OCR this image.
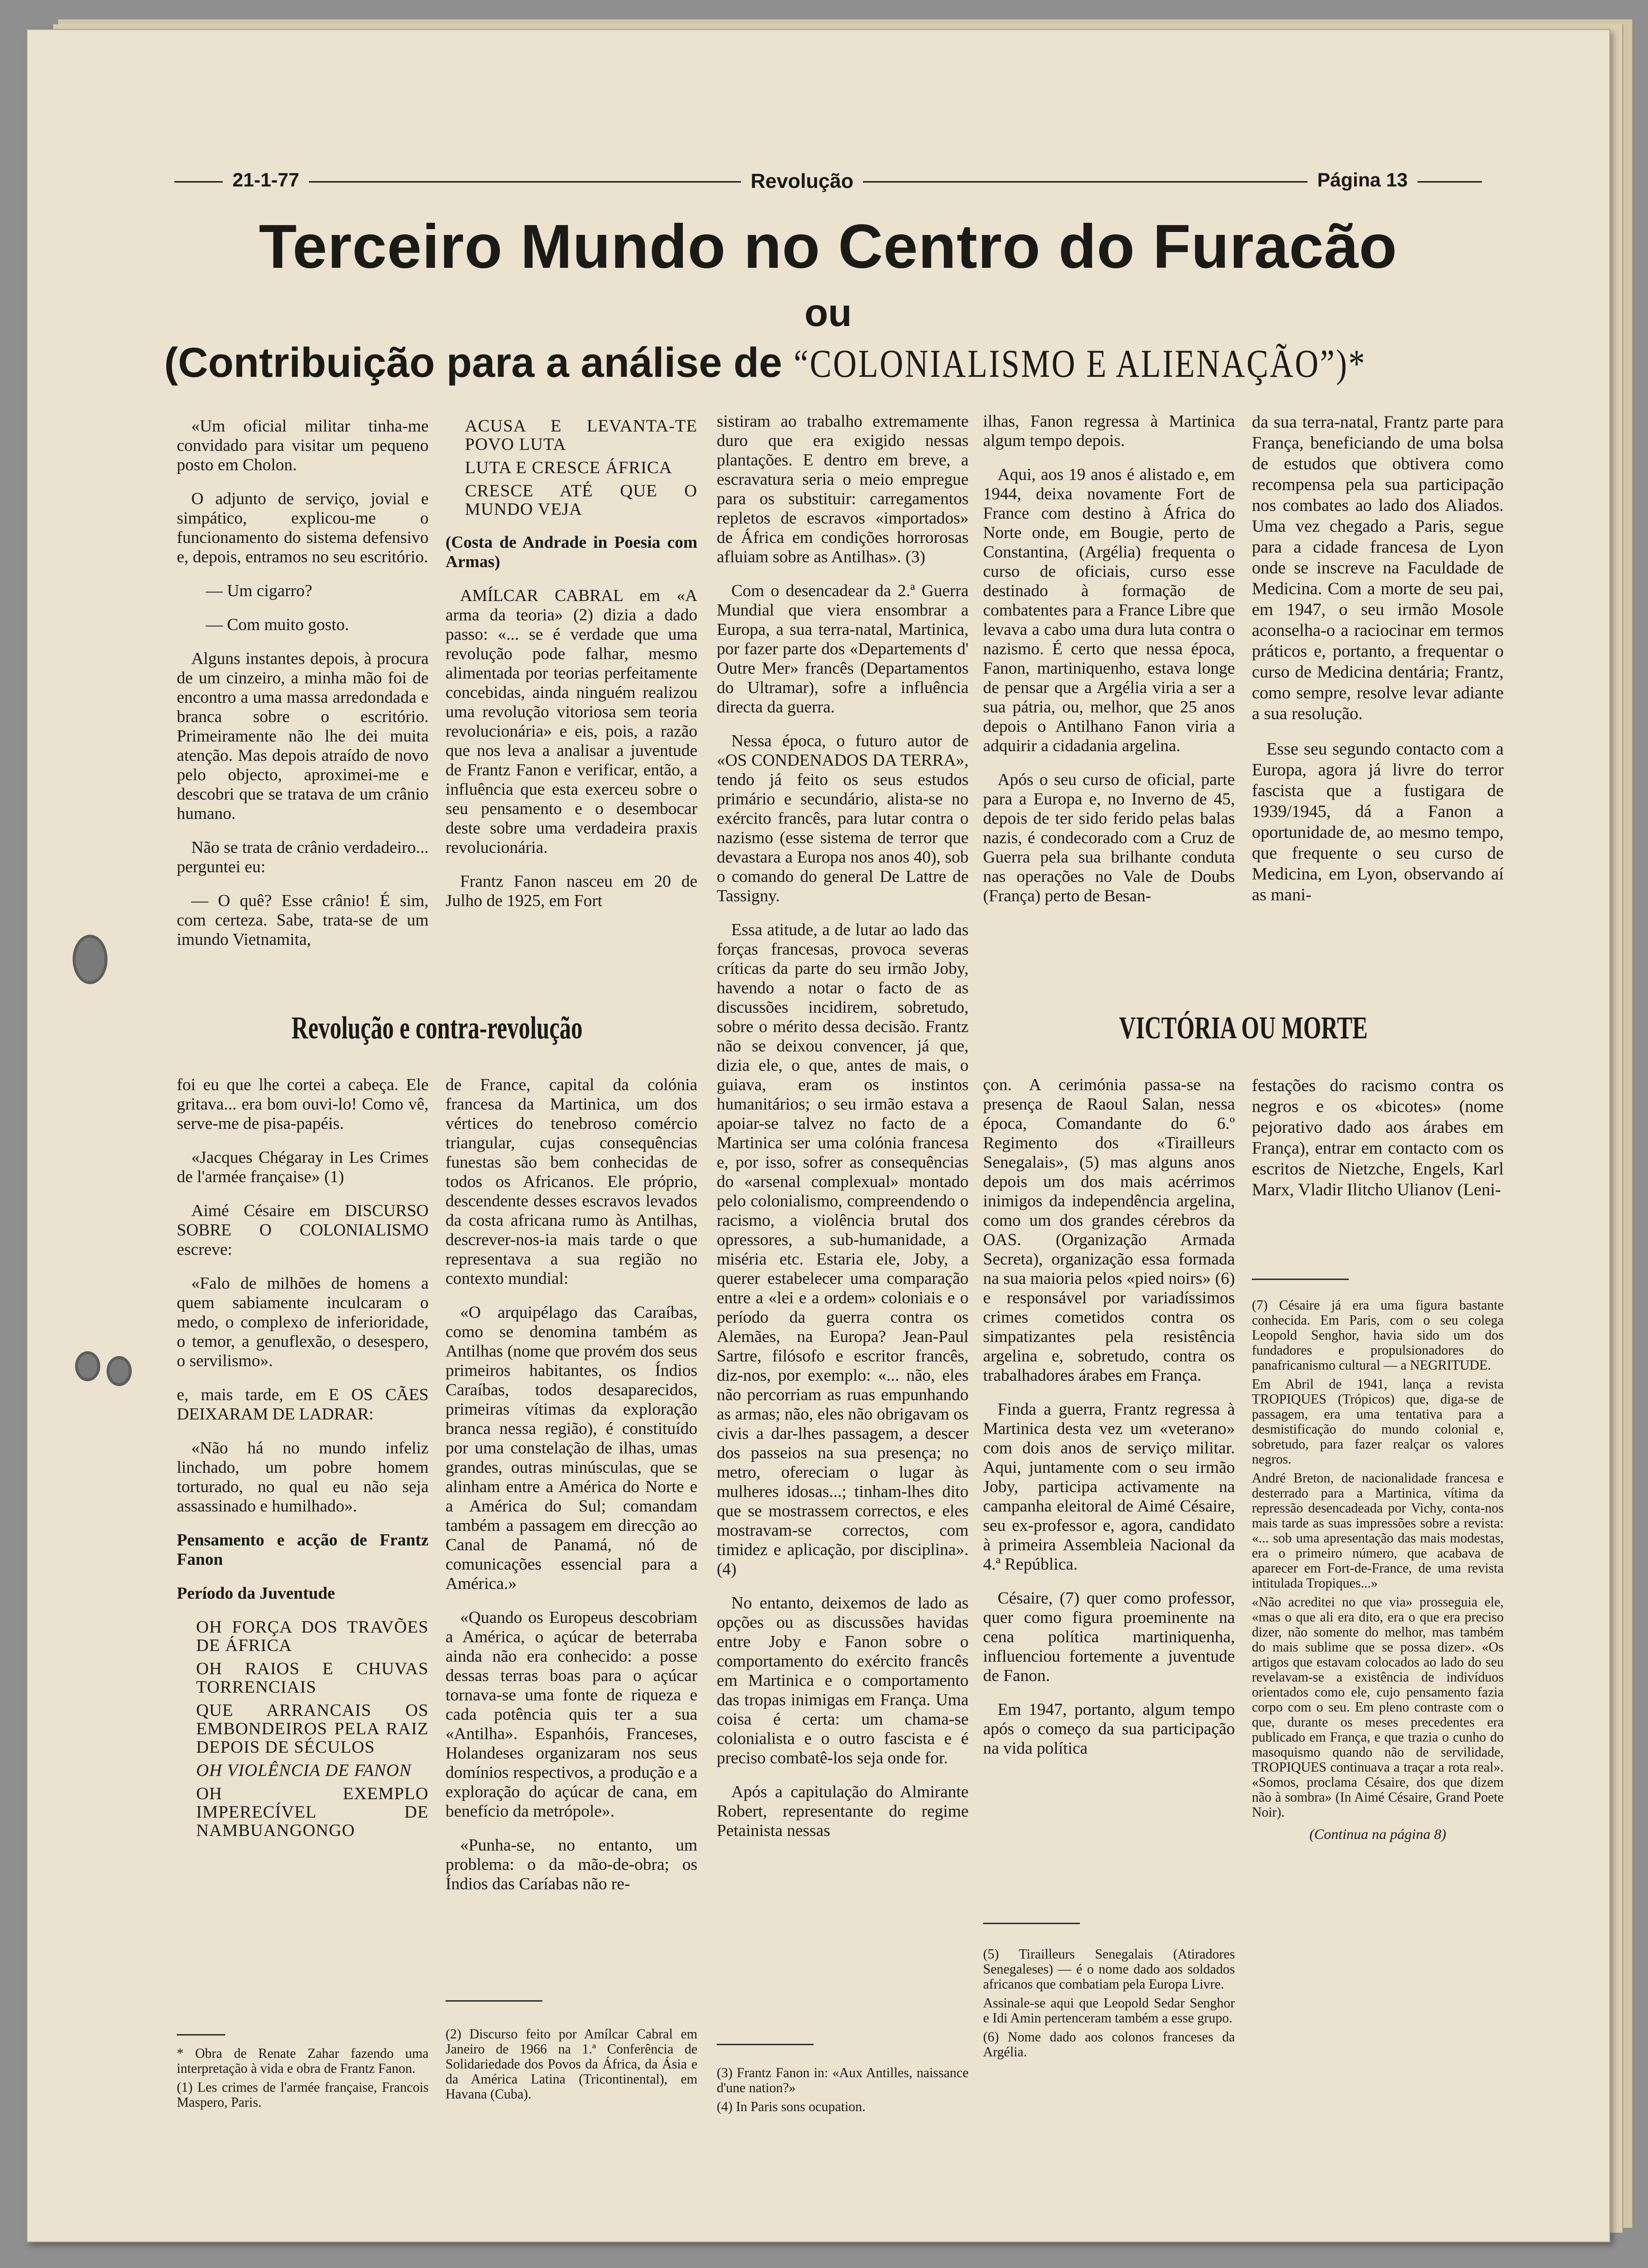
21-1-77	Revolução	Página 13
Terceiro Mundo no Centro do Furacão
ou
(Contribuição para a análise de “COLONIALISMO E ALIENAÇÃO”)*

«Um oficial militar tinha-me convidado para visitar um pequeno posto em Cholon.

O adjunto de serviço, jovial e simpático, explicou-me o funcionamento do sistema defensivo e, depois, entramos no seu escritório.

— Um cigarro?

— Com muito gosto.

Alguns instantes depois, à procura de um cinzeiro, a minha mão foi de encontro a uma massa arredondada e branca sobre o escritório. Primeiramente não lhe dei muita atenção. Mas depois atraído de novo pelo objecto, aproximei-me e descobri que se tratava de um crânio humano.

Não se trata de crânio verdadeiro... perguntei eu:

— O quê? Esse crânio! É sim, com certeza. Sabe, trata-se de um imundo Vietnamita,

ACUSA E LEVANTA-TE POVO LUTA

LUTA E CRESCE ÁFRICA

CRESCE ATÉ QUE O MUNDO VEJA

(Costa de Andrade in Poesia com Armas)

AMÍLCAR CABRAL em «A arma da teoria» (2) dizia a dado passo: «... se é verdade que uma revolução pode falhar, mesmo alimentada por teorias perfeitamente concebidas, ainda ninguém realizou uma revolução vitoriosa sem teoria revolucionária» e eis, pois, a razão que nos leva a analisar a juventude de Frantz Fanon e verificar, então, a influência que esta exerceu sobre o seu pensamento e o desembocar deste sobre uma verdadeira praxis revolucionária.

Frantz Fanon nasceu em 20 de Julho de 1925, em Fort

sistiram ao trabalho extremamente duro que era exigido nessas plantações. E dentro em breve, a escravatura seria o meio empregue para os substituir: carregamentos repletos de escravos «importados» de África em condições horrorosas afluiam sobre as Antilhas». (3)

Com o desencadear da 2.ª Guerra Mundial que viera ensombrar a Europa, a sua terra-natal, Martinica, por fazer parte dos «Departements d' Outre Mer» francês (Departamentos do Ultramar), sofre a influência directa da guerra.

Nessa época, o futuro autor de «OS CONDENADOS DA TERRA», tendo já feito os seus estudos primário e secundário, alista-se no exército francês, para lutar contra o nazismo (esse sistema de terror que devastara a Europa nos anos 40), sob o comando do general De Lattre de Tassigny.

Essa atitude, a de lutar ao lado das forças francesas, provoca severas críticas da parte do seu irmão Joby, havendo a notar o facto de as discussões incidirem, sobretudo, sobre o mérito dessa decisão. Frantz não se deixou convencer, já que, dizia ele, o que, antes de mais, o guiava, eram os instintos humanitários; o seu irmão estava a apoiar-se talvez no facto de a Martinica ser uma colónia francesa e, por isso, sofrer as consequências do «arsenal complexual» montado pelo colonialismo, compreendendo o racismo, a violência brutal dos opressores, a sub-humanidade, a miséria etc. Estaria ele, Joby, a querer estabelecer uma comparação entre a «lei e a ordem» coloniais e o período da guerra contra os Alemães, na Europa? Jean-Paul Sartre, filósofo e escritor francês, diz-nos, por exemplo: «... não, eles não percorriam as ruas empunhando as armas; não, eles não obrigavam os civis a dar-lhes passagem, a descer dos passeios na sua presença; no metro, ofereciam o lugar às mulheres idosas...; tinham-lhes dito que se mostrassem correctos, e eles mostravam-se correctos, com timidez e aplicação, por disciplina». (4)

No entanto, deixemos de lado as opções ou as discussões havidas entre Joby e Fanon sobre o comportamento do exército francês em Martinica e o comportamento das tropas inimigas em França. Uma coisa é certa: um chama-se colonialista e o outro fascista e é preciso combatê-los seja onde for.

Após a capitulação do Almirante Robert, representante do regime Petainista nessas

ilhas, Fanon regressa à Martinica algum tempo depois.

Aqui, aos 19 anos é alistado e, em 1944, deixa novamente Fort de France com destino à África do Norte onde, em Bougie, perto de Constantina, (Argélia) frequenta o curso de oficiais, curso esse destinado à formação de combatentes para a France Libre que levava a cabo uma dura luta contra o nazismo. É certo que nessa época, Fanon, martiniquenho, estava longe de pensar que a Argélia viria a ser a sua pátria, ou, melhor, que 25 anos depois o Antilhano Fanon viria a adquirir a cidadania argelina.

Após o seu curso de oficial, parte para a Europa e, no Inverno de 45, depois de ter sido ferido pelas balas nazis, é condecorado com a Cruz de Guerra pela sua brilhante conduta nas operações no Vale de Doubs (França) perto de Besan-

da sua terra-natal, Frantz parte para França, beneficiando de uma bolsa de estudos que obtivera como recompensa pela sua participação nos combates ao lado dos Aliados. Uma vez chegado a Paris, segue para a cidade francesa de Lyon onde se inscreve na Faculdade de Medicina. Com a morte de seu pai, em 1947, o seu irmão Mosole aconselha-o a raciocinar em termos práticos e, portanto, a frequentar o curso de Medicina dentária; Frantz, como sempre, resolve levar adiante a sua resolução.

Esse seu segundo contacto com a Europa, agora já livre do terror fascista que a fustigara de 1939/1945, dá a Fanon a oportunidade de, ao mesmo tempo, que frequente o seu curso de Medicina, em Lyon, observando aí as mani-

Revolução e contra-revolução	VICTÓRIA OU MORTE

foi eu que lhe cortei a cabeça. Ele gritava... era bom ouvi-lo! Como vê, serve-me de pisa-papéis.

«Jacques Chégaray in Les Crimes de l'armée française» (1)

Aimé Césaire em DISCURSO SOBRE O COLONIALISMO escreve:

«Falo de milhões de homens a quem sabiamente inculcaram o medo, o complexo de inferioridade, o temor, a genuflexão, o desespero, o servilismo».

e, mais tarde, em E OS CÃES DEIXARAM DE LADRAR:

«Não há no mundo infeliz linchado, um pobre homem torturado, no qual eu não seja assassinado e humilhado».

Pensamento e acção de Frantz Fanon

Período da Juventude

OH FORÇA DOS TRAVÕES DE ÁFRICA

OH RAIOS E CHUVAS TORRENCIAIS

QUE ARRANCAIS OS EMBONDEIROS PELA RAIZ DEPOIS DE SÉCULOS

OH VIOLÊNCIA DE FANON

OH EXEMPLO IMPERECÍVEL DE NAMBUANGONGO

de France, capital da colónia francesa da Martinica, um dos vértices do tenebroso comércio triangular, cujas consequências funestas são bem conhecidas de todos os Africanos. Ele próprio, descendente desses escravos levados da costa africana rumo às Antilhas, descrever-nos-ia mais tarde o que representava a sua região no contexto mundial:

«O arquipélago das Caraíbas, como se denomina também as Antilhas (nome que provém dos seus primeiros habitantes, os Índios Caraíbas, todos desaparecidos, primeiras vítimas da exploração branca nessa região), é constituído por uma constelação de ilhas, umas grandes, outras minúsculas, que se alinham entre a América do Norte e a América do Sul; comandam também a passagem em direcção ao Canal de Panamá, nó de comunicações essencial para a América.»

«Quando os Europeus descobriam a América, o açúcar de beterraba ainda não era conhecido: a posse dessas terras boas para o açúcar tornava-se uma fonte de riqueza e cada potência quis ter a sua «Antilha». Espanhóis, Franceses, Holandeses organizaram nos seus domínios respectivos, a produção e a exploração do açúcar de cana, em benefício da metrópole».

«Punha-se, no entanto, um problema: o da mão-de-obra; os Índios das Caríabas não re-

çon. A cerimónia passa-se na presença de Raoul Salan, nessa época, Comandante do 6.º Regimento dos «Tirailleurs Senegalais», (5) mas alguns anos depois um dos mais acérrimos inimigos da independência argelina, como um dos grandes cérebros da OAS. (Organização Armada Secreta), organização essa formada na sua maioria pelos «pied noirs» (6) e responsável por variadíssimos crimes cometidos contra os simpatizantes pela resistência argelina e, sobretudo, contra os trabalhadores árabes em França.

Finda a guerra, Frantz regressa à Martinica desta vez um «veterano» com dois anos de serviço militar. Aqui, juntamente com o seu irmão Joby, participa activamente na campanha eleitoral de Aimé Césaire, seu ex-professor e, agora, candidato à primeira Assembleia Nacional da 4.ª República.

Césaire, (7) quer como professor, quer como figura proeminente na cena política martiniquenha, influenciou fortemente a juventude de Fanon.

Em 1947, portanto, algum tempo após o começo da sua participação na vida política

festações do racismo contra os negros e os «bicotes» (nome pejorativo dado aos árabes em França), entrar em contacto com os escritos de Nietzche, Engels, Karl Marx, Vladir Ilitcho Ulianov (Leni-

* Obra de Renate Zahar fazendo uma interpretação à vida e obra de Frantz Fanon.

(1) Les crimes de l'armée française, Francois Maspero, Paris.

(2) Discurso feito por Amílcar Cabral em Janeiro de 1966 na 1.ª Conferência de Solidariedade dos Povos da África, da Ásia e da América Latina (Tricontinental), em Havana (Cuba).

(3) Frantz Fanon in: «Aux Antilles, naissance d'une nation?»

(4) In Paris sons ocupation.

(5) Tirailleurs Senegalais (Atiradores Senegaleses) — é o nome dado aos soldados africanos que combatiam pela Europa Livre.

Assinale-se aqui que Leopold Sedar Senghor e Idi Amin pertenceram também a esse grupo.

(6) Nome dado aos colonos franceses da Argélia.

(7) Césaire já era uma figura bastante conhecida. Em Paris, com o seu colega Leopold Senghor, havia sido um dos fundadores e propulsionadores do panafricanismo cultural — a NEGRITUDE.

Em Abril de 1941, lança a revista TROPIQUES (Trópicos) que, diga-se de passagem, era uma tentativa para a desmistificação do mundo colonial e, sobretudo, para fazer realçar os valores negros.

André Breton, de nacionalidade francesa e desterrado para a Martinica, vítima da repressão desencadeada por Vichy, conta-nos mais tarde as suas impressões sobre a revista: «... sob uma apresentação das mais modestas, era o primeiro número, que acabava de aparecer em Fort-de-France, de uma revista intitulada Tropiques...»

«Não acreditei no que via» prosseguia ele, «mas o que ali era dito, era o que era preciso dizer, não somente do melhor, mas também do mais sublime que se possa dizer». «Os artigos que estavam colocados ao lado do seu revelavam-se a existência de indivíduos orientados como ele, cujo pensamento fazia corpo com o seu. Em pleno contraste com o que, durante os meses precedentes era publicado em França, e que trazia o cunho do masoquismo quando não de servilidade, TROPIQUES continuava a traçar a rota real». «Somos, proclama Césaire, dos que dizem não à sombra» (In Aimé Césaire, Grand Poete Noir).

(Continua na página 8)
